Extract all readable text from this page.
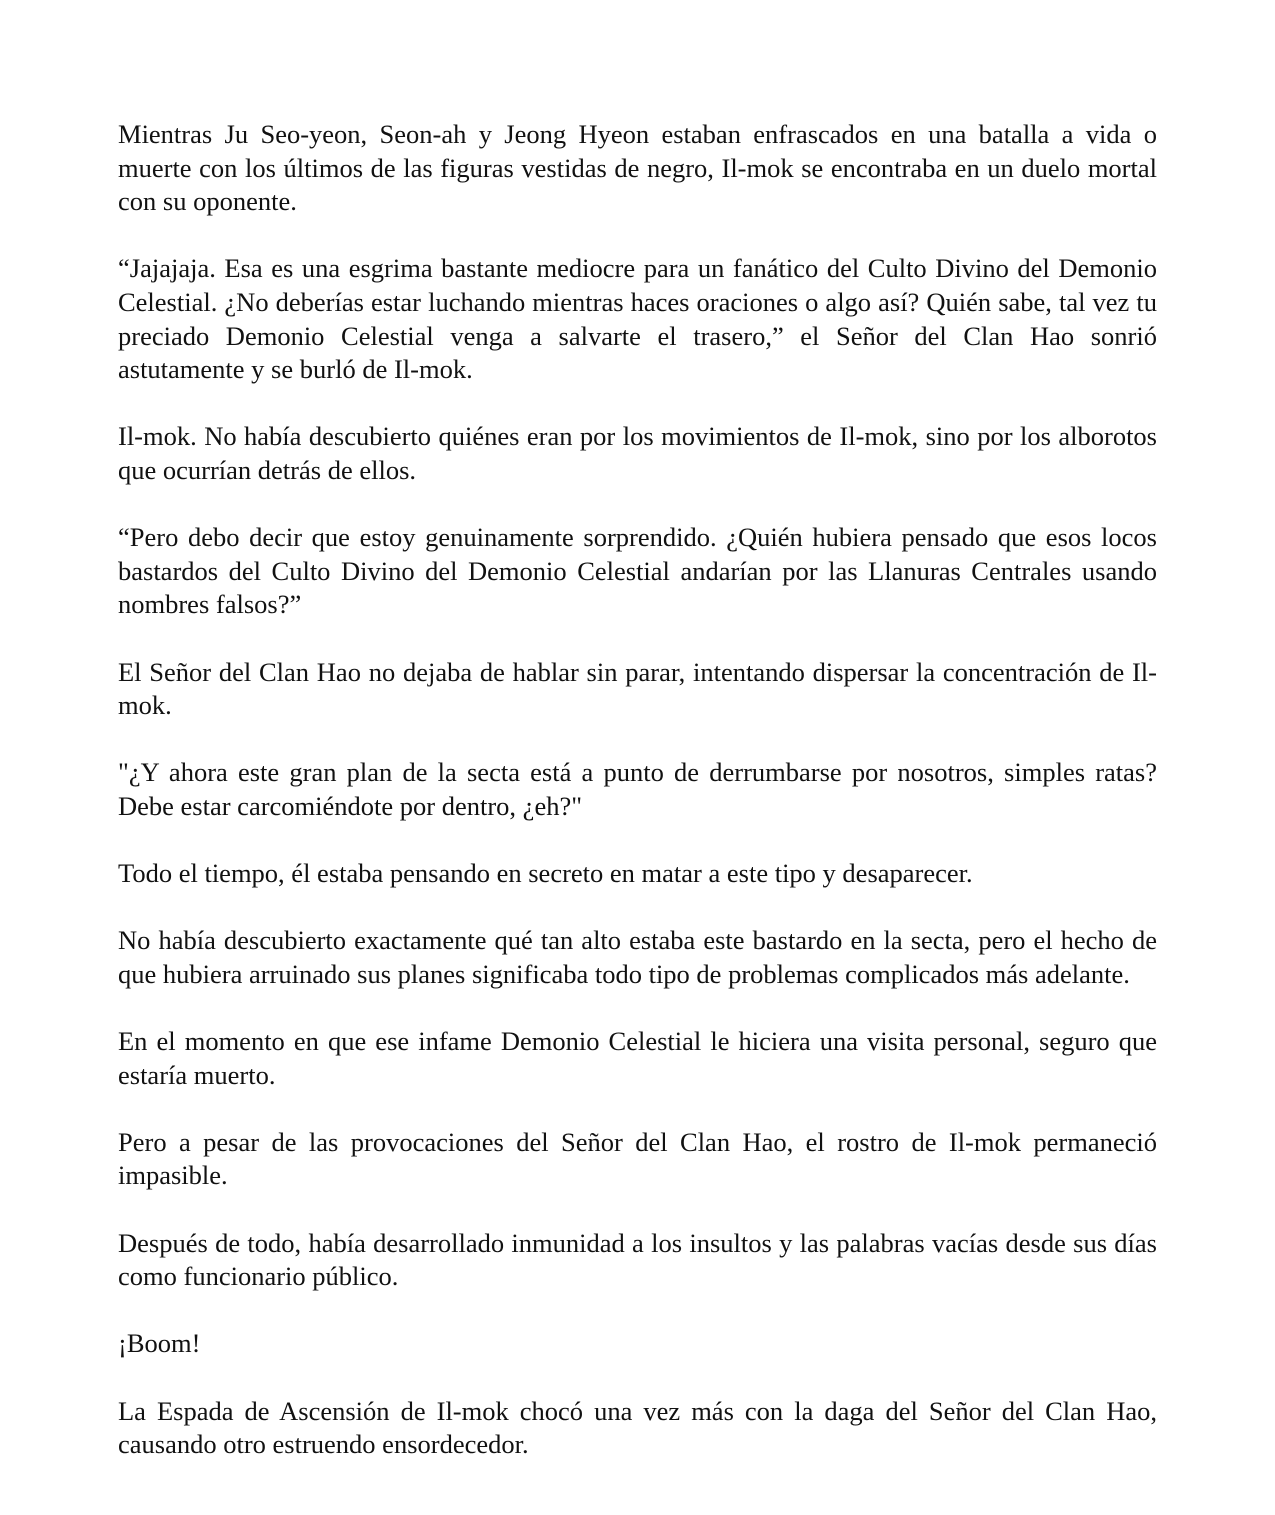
Mientras Ju Seo-yeon, Seon-ah y Jeong Hyeon estaban enfrascados en una batalla a vida o muerte con los últimos de las figuras vestidas de negro, Il-mok se encontraba en un duelo mortal con su oponente.

“Jajajaja. Esa es una esgrima bastante mediocre para un fanático del Culto Divino del Demonio Celestial. ¿No deberías estar luchando mientras haces oraciones o algo así? Quién sabe, tal vez tu preciado Demonio Celestial venga a salvarte el trasero,” el Señor del Clan Hao sonrió astutamente y se burló de Il-mok.

Il-mok. No había descubierto quiénes eran por los movimientos de Il-mok, sino por los alborotos que ocurrían detrás de ellos.

“Pero debo decir que estoy genuinamente sorprendido. ¿Quién hubiera pensado que esos locos bastardos del Culto Divino del Demonio Celestial andarían por las Llanuras Centrales usando nombres falsos?”

El Señor del Clan Hao no dejaba de hablar sin parar, intentando dispersar la concentración de Il-mok.

"¿Y ahora este gran plan de la secta está a punto de derrumbarse por nosotros, simples ratas? Debe estar carcomiéndote por dentro, ¿eh?"

Todo el tiempo, él estaba pensando en secreto en matar a este tipo y desaparecer.

No había descubierto exactamente qué tan alto estaba este bastardo en la secta, pero el hecho de que hubiera arruinado sus planes significaba todo tipo de problemas complicados más adelante.

En el momento en que ese infame Demonio Celestial le hiciera una visita personal, seguro que estaría muerto.

Pero a pesar de las provocaciones del Señor del Clan Hao, el rostro de Il-mok permaneció impasible.

Después de todo, había desarrollado inmunidad a los insultos y las palabras vacías desde sus días como funcionario público.

¡Boom!

La Espada de Ascensión de Il-mok chocó una vez más con la daga del Señor del Clan Hao, causando otro estruendo ensordecedor.
